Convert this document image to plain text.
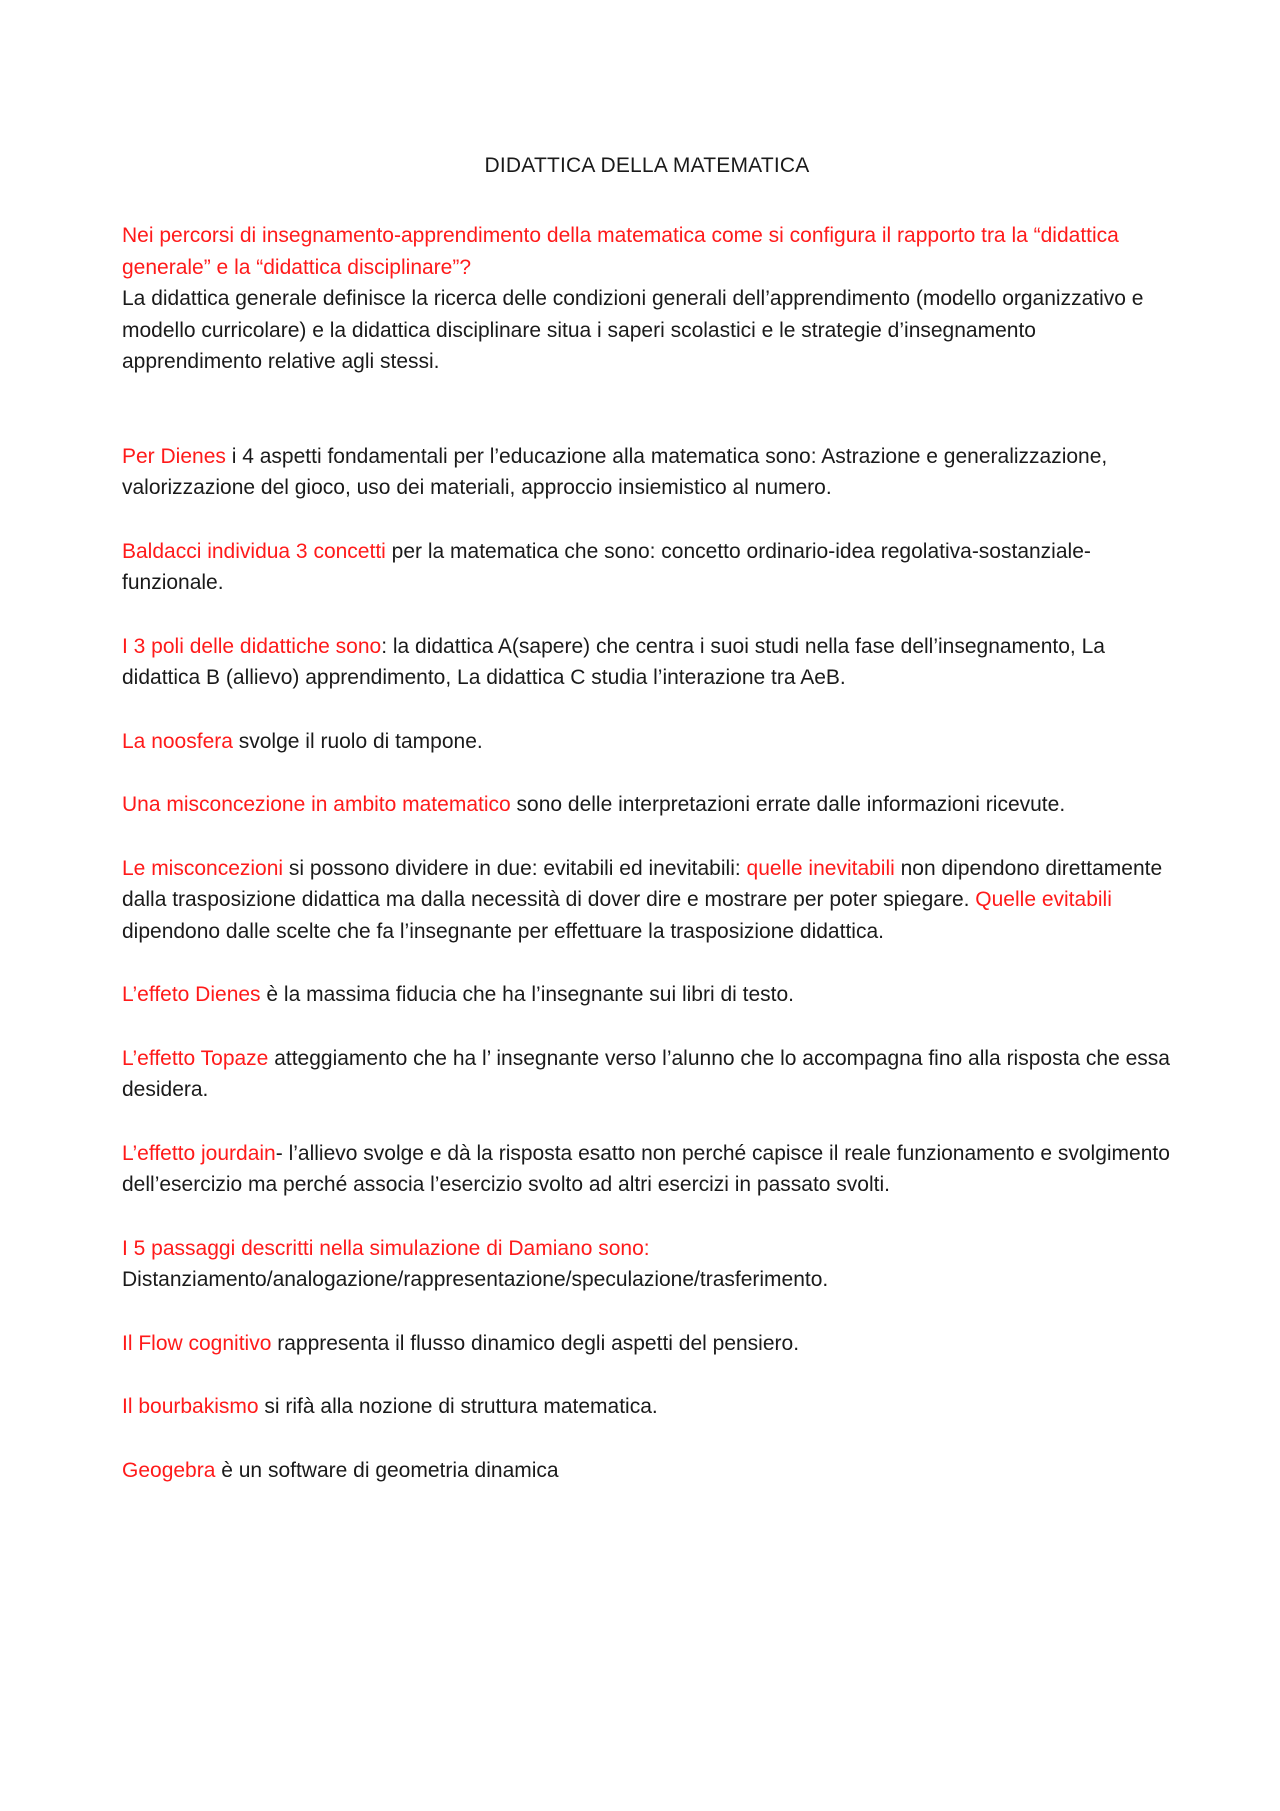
DIDATTICA DELLA MATEMATICA
Nei percorsi di insegnamento-apprendimento della matematica come si configura il rapporto tra la “didattica generale” e la “didattica disciplinare”?
La didattica generale definisce la ricerca delle condizioni generali dell’apprendimento (modello organizzativo e modello curricolare) e la didattica disciplinare situa i saperi scolastici e le strategie d’insegnamento apprendimento relative agli stessi.
Per Dienes i 4 aspetti fondamentali per l’educazione alla matematica sono: Astrazione e generalizzazione, valorizzazione del gioco, uso dei materiali, approccio insiemistico al numero.
Baldacci individua 3 concetti per la matematica che sono: concetto ordinario-idea regolativa-sostanziale-funzionale.
I 3 poli delle didattiche sono: la didattica A(sapere) che centra i suoi studi nella fase dell’insegnamento, La didattica B (allievo) apprendimento, La didattica C studia l’interazione tra AeB.
La noosfera svolge il ruolo di tampone.
Una misconcezione in ambito matematico sono delle interpretazioni errate dalle informazioni ricevute.
Le misconcezioni si possono dividere in due: evitabili ed inevitabili: quelle inevitabili non dipendono direttamente dalla trasposizione didattica ma dalla necessità di dover dire e mostrare per poter spiegare. Quelle evitabili dipendono dalle scelte che fa l’insegnante per effettuare la trasposizione didattica.
L’effeto Dienes è la massima fiducia che ha l’insegnante sui libri di testo.
L’effetto Topaze atteggiamento che ha l’ insegnante verso l’alunno che lo accompagna fino alla risposta che essa desidera.
L’effetto jourdain- l’allievo svolge e dà la risposta esatto non perché capisce il reale funzionamento e svolgimento dell’esercizio ma perché associa l’esercizio svolto ad altri esercizi in passato svolti.
I 5 passaggi descritti nella simulazione di Damiano sono:
Distanziamento/analogazione/rappresentazione/speculazione/trasferimento.
Il Flow cognitivo rappresenta il flusso dinamico degli aspetti del pensiero.
Il bourbakismo si rifà alla nozione di struttura matematica.
Geogebra è un software di geometria dinamica
